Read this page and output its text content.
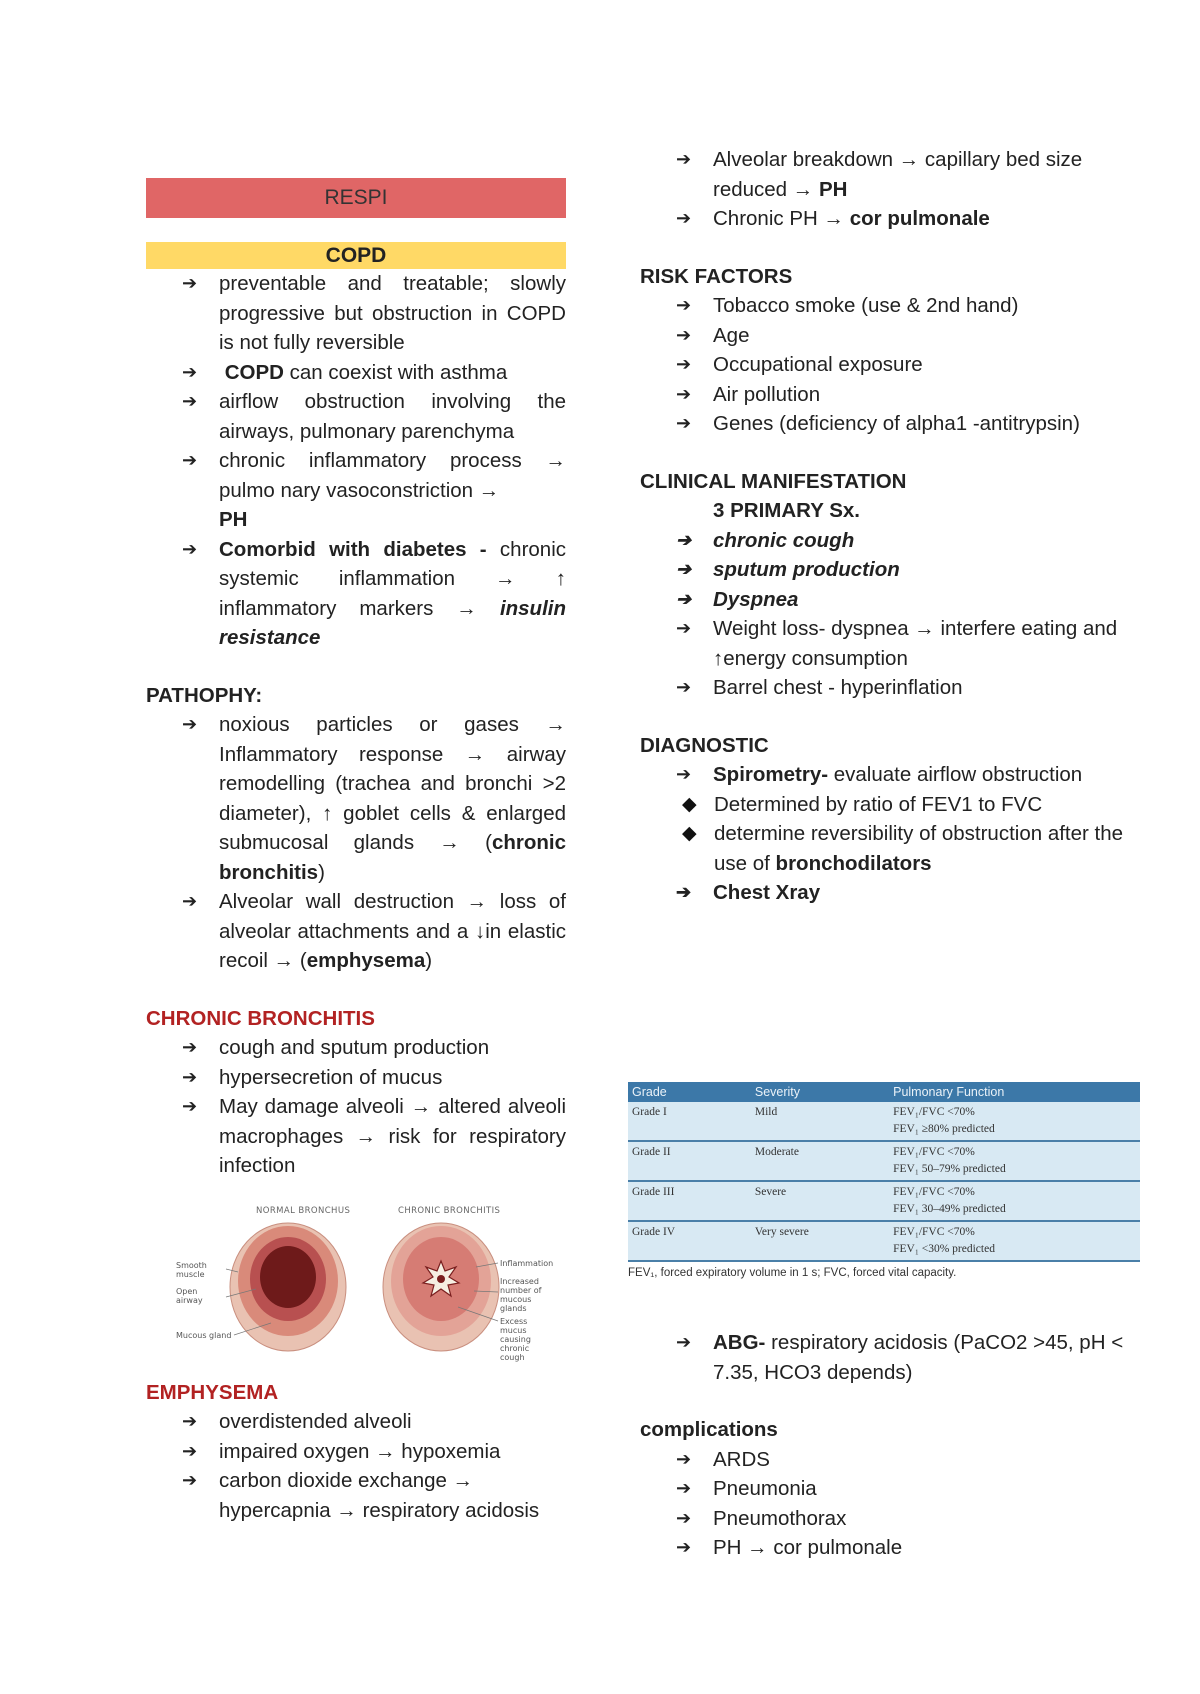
RESPI
COPD
➔ preventable and treatable; slowly progressive but obstruction in COPD is not fully reversible
➔ COPD can coexist with asthma
➔ airflow obstruction involving the airways, pulmonary parenchyma
➔ chronic inflammatory process → pulmo nary vasoconstriction →
PH
➔ Comorbid with diabetes - chronic systemic inflammation → ↑ inflammatory markers → insulin resistance

PATHOPHY:

➔ noxious particles or gases → Inflammatory response → airway remodelling (trachea and bronchi >2 diameter), ↑ goblet cells & enlarged submucosal glands → (chronic bronchitis)
➔ Alveolar wall destruction → loss of alveolar attachments and a ↓in elastic recoil → (emphysema)

CHRONIC BRONCHITIS

➔ cough and sputum production
➔ hypersecretion of mucus
➔ May damage alveoli → altered alveoli macrophages → risk for respiratory infection
NORMAL BRONCHUS	CHRONIC BRONCHITIS
Smooth muscle
Open airway
Mucous gland
Inflammation
Increased number of mucous glands
Excess mucus causing chronic cough

EMPHYSEMA

➔ overdistended alveoli
➔ impaired oxygen → hypoxemia
➔ carbon dioxide exchange → hypercapnia → respiratory acidosis
➔ Alveolar breakdown → capillary bed size reduced → PH
➔ Chronic PH → cor pulmonale

RISK FACTORS

➔ Tobacco smoke (use & 2nd hand)
➔ Age
➔ Occupational exposure
➔ Air pollution
➔ Genes (deficiency of alpha1 -antitrypsin)

CLINICAL MANIFESTATION

3 PRIMARY Sx.

➔ chronic cough
➔ sputum production
➔ Dyspnea
➔ Weight loss- dyspnea → interfere eating and ↑energy consumption
➔ Barrel chest - hyperinflation

DIAGNOSTIC

➔ Spirometry- evaluate airflow obstruction
◆ Determined by ratio of FEV1 to FVC
◆ determine reversibility of obstruction after the use of bronchodilators
➔ Chest Xray
Grade	Severity	Pulmonary Function
Grade I	Mild	FEV₁/FVC <70%
FEV₁ ≥80% predicted

Grade II	Moderate	FEV₁/FVC <70%
FEV₁ 50–79% predicted

Grade III	Severe	FEV₁/FVC <70%
FEV₁ 30–49% predicted

Grade IV	Very severe	FEV₁/FVC <70%
FEV₁ <30% predicted
FEV₁, forced expiratory volume in 1 s; FVC, forced vital capacity.
➔ ABG- respiratory acidosis (PaCO2 >45, pH < 7.35, HCO3 depends)

complications

➔ ARDS
➔ Pneumonia
➔ Pneumothorax
➔ PH → cor pulmonale
